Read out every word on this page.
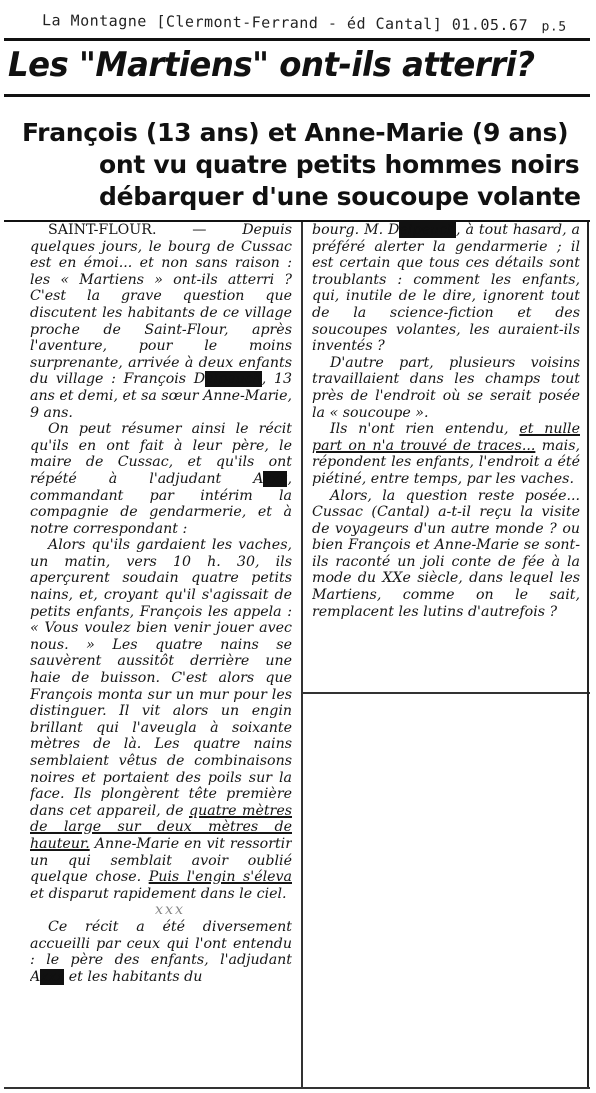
La Montagne [Clermont-Ferrand - éd Cantal] 01.05.67 p.5
Les "Martiens" ont-ils atterri?
François (13 ans) et Anne-Marie (9 ans)
ont vu quatre petits hommes noirs
débarquer d'une soucoupe volante

SAINT-FLOUR. — Depuis quelques jours, le bourg de Cussac est en émoi... et non sans raison : les « Martiens » ont-ils atterri ? C'est la grave question que discutent les habitants de ce village proche de Saint-Flour, après l'aventure, pour le moins surprenante, arrivée à deux enfants du village : François Delpeuch, 13 ans et demi, et sa sœur Anne-Marie, 9 ans.

On peut résumer ainsi le récit qu'ils en ont fait à leur père, le maire de Cussac, et qu'ils ont répété à l'adjudant Axxx, commandant par intérim la compagnie de gendarmerie, et à notre correspondant :

Alors qu'ils gardaient les vaches, un matin, vers 10 h. 30, ils aperçurent soudain quatre petits nains, et, croyant qu'il s'agissait de petits enfants, François les appela : « Vous voulez bien venir jouer avec nous. » Les quatre nains se sauvèrent aussitôt derrière une haie de buisson. C'est alors que François monta sur un mur pour les distinguer. Il vit alors un engin brillant qui l'aveugla à soixante mètres de là. Les quatre nains semblaient vêtus de combinaisons noires et portaient des poils sur la face. Ils plongèrent tête première dans cet appareil, de quatre mètres de large sur deux mètres de hauteur. Anne-Marie en vit ressortir un qui semblait avoir oublié quelque chose. Puis l'engin s'éleva et disparut rapidement dans le ciel.

xxx

Ce récit a été diversement accueilli par ceux qui l'ont entendu : le père des enfants, l'adjudant Axxx et les habitants du

bourg. M. Delpeuch, à tout hasard, a préféré alerter la gendarmerie ; il est certain que tous ces détails sont troublants : comment les enfants, qui, inutile de le dire, ignorent tout de la science-fiction et des soucoupes volantes, les auraient-ils inventés ?

D'autre part, plusieurs voisins travaillaient dans les champs tout près de l'endroit où se serait posée la « soucoupe ».

Ils n'ont rien entendu, et nulle part on n'a trouvé de traces... mais, répondent les enfants, l'endroit a été piétiné, entre temps, par les vaches.

Alors, la question reste posée... Cussac (Cantal) a-t-il reçu la visite de voyageurs d'un autre monde ? ou bien François et Anne-Marie se sont-ils raconté un joli conte de fée à la mode du XXe siècle, dans lequel les Martiens, comme on le sait, remplacent les lutins d'autrefois ?
